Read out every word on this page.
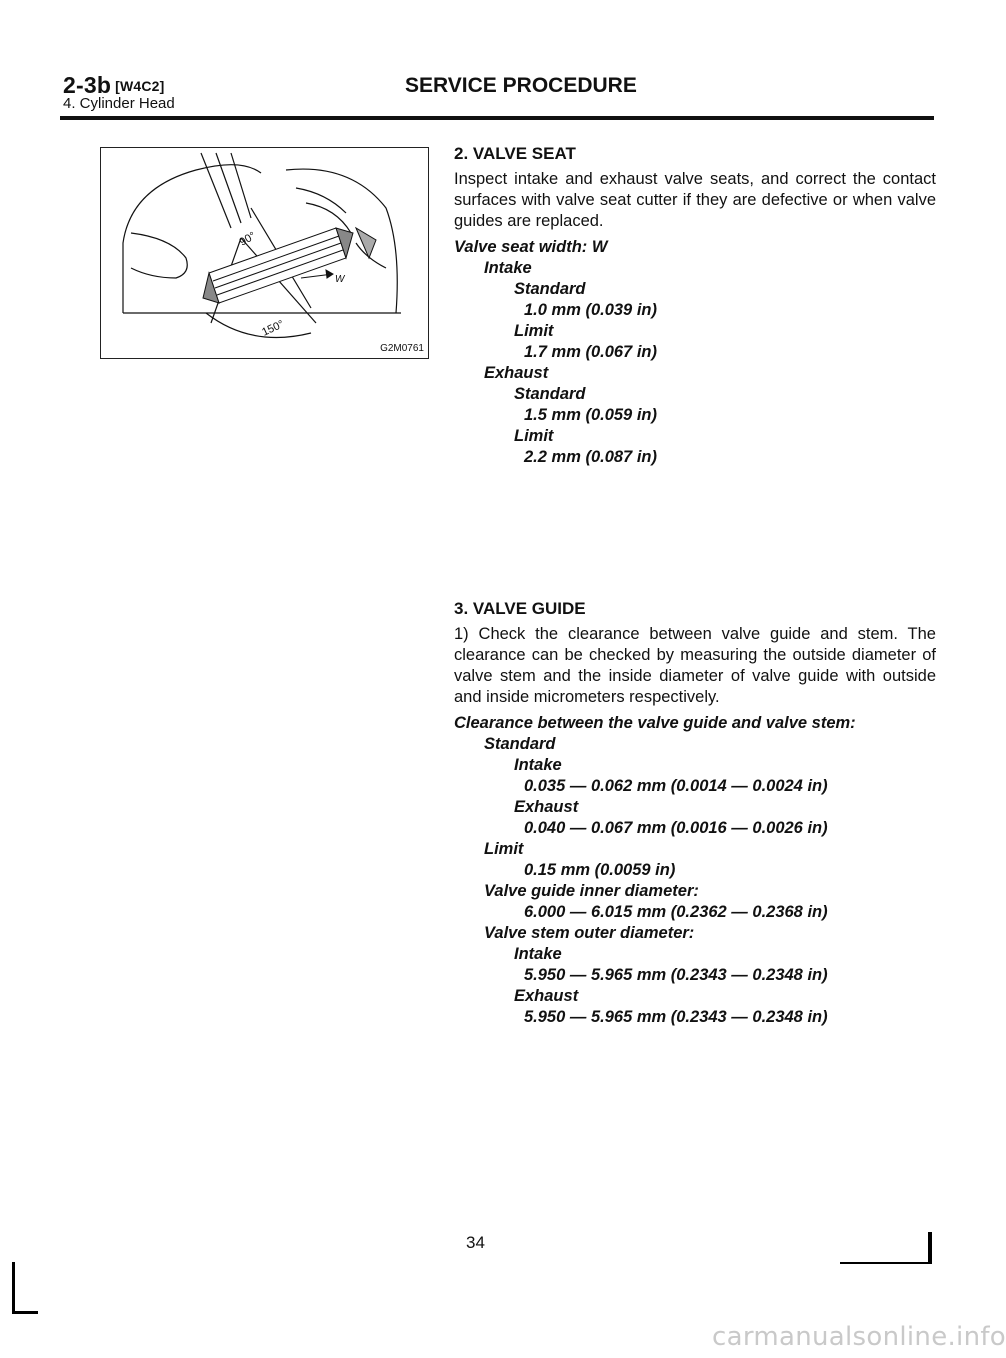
2-3b [W4C2]
4. Cylinder Head
SERVICE PROCEDURE
90°
150°
W
G2M0761
2. VALVE SEAT

Inspect intake and exhaust valve seats, and correct the contact surfaces with valve seat cutter if they are defective or when valve guides are replaced.

Valve seat width: W
Intake
Standard
1.0 mm (0.039 in)
Limit
1.7 mm (0.067 in)
Exhaust
Standard
1.5 mm (0.059 in)
Limit
2.2 mm (0.087 in)
3. VALVE GUIDE

1) Check the clearance between valve guide and stem. The clearance can be checked by measuring the outside diameter of valve stem and the inside diameter of valve guide with outside and inside micrometers respectively.

Clearance between the valve guide and valve stem:
Standard
Intake
0.035 — 0.062 mm (0.0014 — 0.0024 in)
Exhaust
0.040 — 0.067 mm (0.0016 — 0.0026 in)
Limit
0.15 mm (0.0059 in)
Valve guide inner diameter:
6.000 — 6.015 mm (0.2362 — 0.2368 in)
Valve stem outer diameter:
Intake
5.950 — 5.965 mm (0.2343 — 0.2348 in)
Exhaust
5.950 — 5.965 mm (0.2343 — 0.2348 in)
34
carmanualsonline.info
